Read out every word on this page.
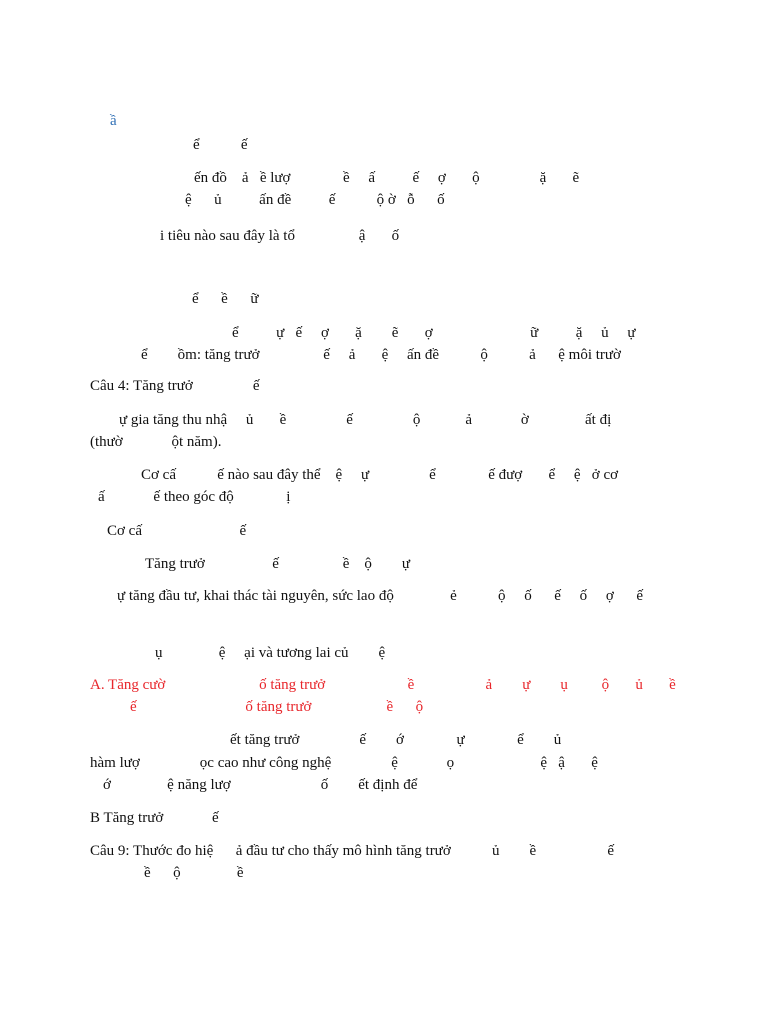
ầ
ể           ế
ến đồ    ả   ề lượ              ề     ấ          ế     ợ       ộ                ặ       ẽ
ệ      ủ          ấn đề          ế           ộ ờ   ỗ      ố
i tiêu nào sau đây là tổ                 ậ       ố
ể      ề      ữ
ể          ự   ế     ợ       ặ        ẽ       ợ                          ữ          ặ     ủ     ự
ể        ồm: tăng trưở                 ế     ả       ệ     ấn đề           ộ           ả      ệ môi trườ
Câu 4: Tăng trưở                ế
ự gia tăng thu nhậ     ủ       ề                ế                ộ            ả             ờ               ất đị
(thườ             ột năm).
Cơ cấ           ế nào sau đây thể    ệ     ự                ể              ế đượ       ể     ệ   ở cơ
ấ             ế theo góc độ              ị
Cơ cấ                          ế
Tăng trưở                  ế                 ề    ộ        ự
ự tăng đầu tư, khai thác tài nguyên, sức lao độ               ẻ           ộ     ố      ế     ố     ợ      ế
ụ               ệ     ại và tương lai củ        ệ
A. Tăng cườ                         ố tăng trưở                      ề                   ả        ự        ụ         ộ       ủ       ề
ế                             ố tăng trưở                    ề      ộ
ết tăng trưở                ế        ớ              ự              ể        ủ
hàm lượ                ọc cao như công nghệ                ệ             ọ                       ệ   ậ       ệ
ớ               ệ năng lượ                        ố        ết định để
B Tăng trưở             ế
Câu 9: Thước đo hiệ      ả đầu tư cho thấy mô hình tăng trưở           ủ        ề                   ế
ề      ộ               ề
